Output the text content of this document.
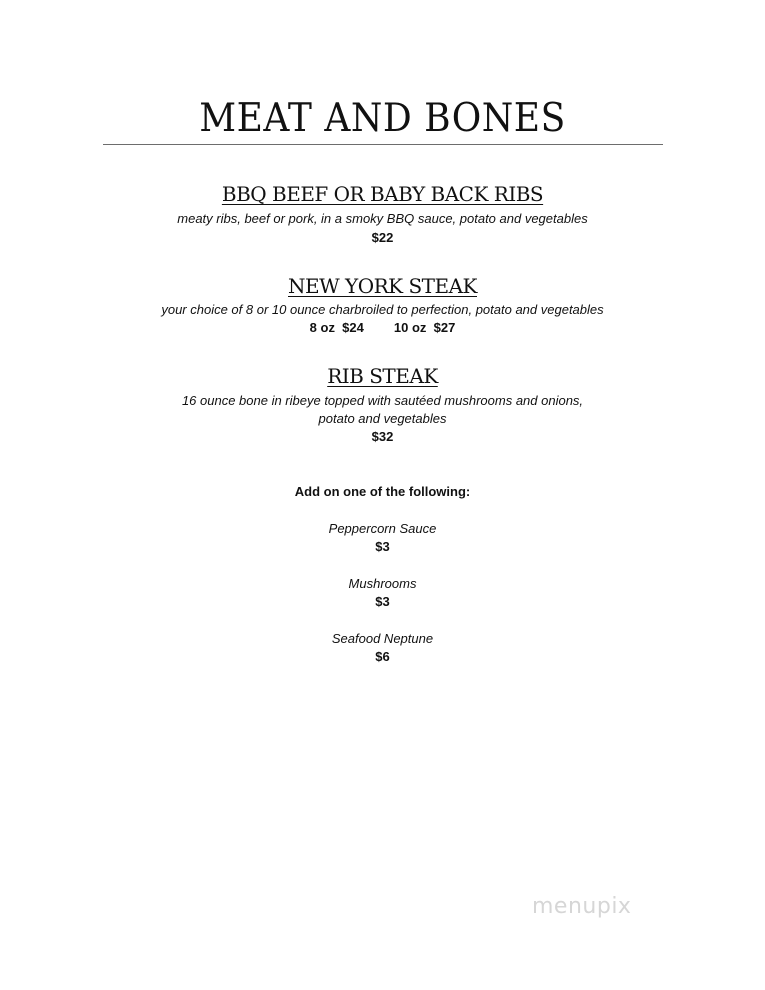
MEAT AND BONES
BBQ BEEF OR BABY BACK RIBS
meaty ribs, beef or pork, in a smoky BBQ sauce, potato and vegetables
$22
NEW YORK STEAK
your choice of 8 or 10 ounce charbroiled to perfection, potato and vegetables
8 oz  $24 10 oz  $27
RIB STEAK
16 ounce bone in ribeye topped with sautéed mushrooms and onions,
potato and vegetables
$32
Add on one of the following:
Peppercorn Sauce
$3
Mushrooms
$3
Seafood Neptune
$6
menupix
